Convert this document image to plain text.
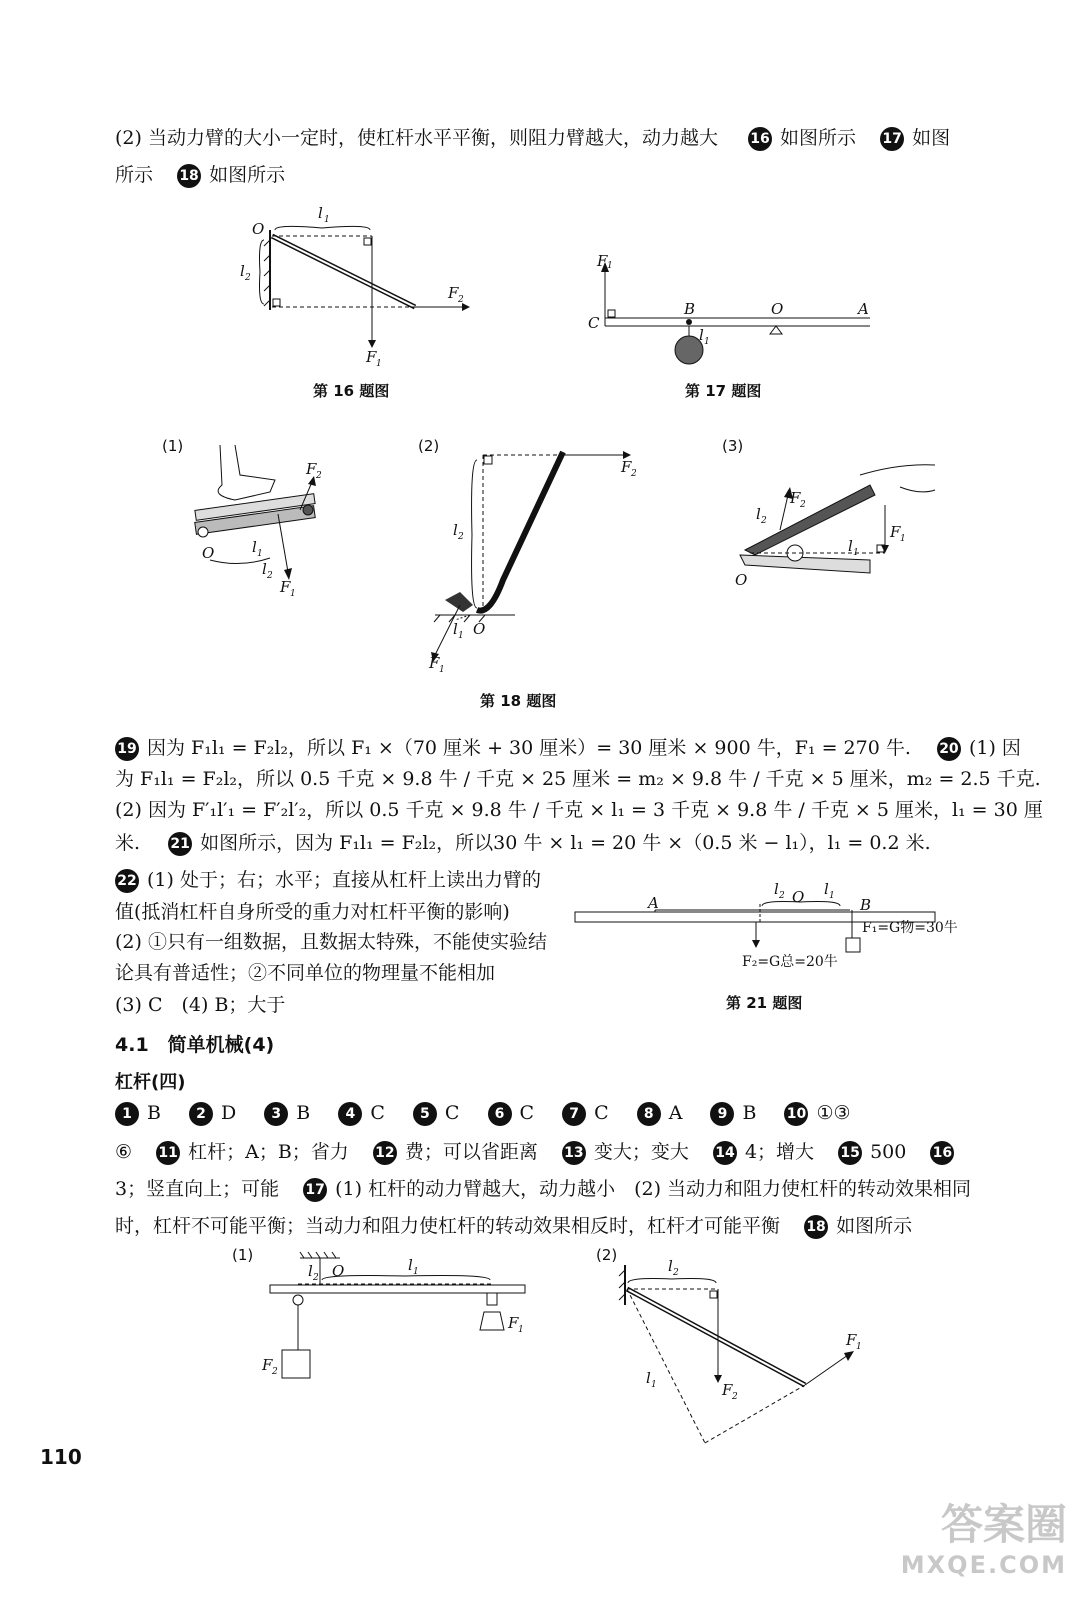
(2) 当动力臂的大小一定时，使杠杆水平平衡，则阻力臂越大，动力越大 16 如图所示 17 如图
所示 18 如图所示
O
l 1
l 2
F 2
F 1
第 16 题图
F 1
C
B	O	A
l 1
第 17 题图
(1)
O
F 2
l 1
l 2
F 1
(2)
l 2
F 2
l 1 O
F 1
(3)
F 2
l 2
F 1
l 1
O
第 18 题图
19 因为 F₁l₁ = F₂l₂，所以 F₁ ×（70 厘米 + 30 厘米）= 30 厘米 × 900 牛，F₁ = 270 牛. 20 (1) 因
为 F₁l₁ = F₂l₂，所以 0.5 千克 × 9.8 牛 / 千克 × 25 厘米 = m₂ × 9.8 牛 / 千克 × 5 厘米，m₂ = 2.5 千克.
(2) 因为 F′₁l′₁ = F′₂l′₂，所以 0.5 千克 × 9.8 牛 / 千克 × l₁ = 3 千克 × 9.8 牛 / 千克 × 5 厘米，l₁ = 30 厘
米. 21 如图所示，因为 F₁l₁ = F₂l₂，所以30 牛 × l₁ = 20 牛 ×（0.5 米 − l₁），l₁ = 0.2 米.
22 (1) 处于；右；水平；直接从杠杆上读出力臂的
值(抵消杠杆自身所受的重力对杠杆平衡的影响)
(2) ①只有一组数据，且数据太特殊，不能使实验结
论具有普适性；②不同单位的物理量不能相加
(3) C　(4) B；大于
A
l 2 O l 1 B
F₁=G物=30牛
F₂=G总=20牛
第 21 题图
4.1　简单机械(4)
杠杆(四)
1 B	2 D	3 B	4 C	5 C	6 C	7 C	8 A	9 B 10 ①③
⑥ 11 杠杆；A；B；省力 12 费；可以省距离 13 变大；变大 14 4；增大 15 500 16
3；竖直向上；可能 17 (1) 杠杆的动力臂越大，动力越小　(2) 当动力和阻力使杠杆的转动效果相同
时，杠杆不可能平衡；当动力和阻力使杠杆的转动效果相反时，杠杆才可能平衡 18 如图所示
(1)
l 2 O	l 1
F 1
F 2
(2)
l 2
F 1
F 2
l 1
110
答案圈
MXQE.COM
